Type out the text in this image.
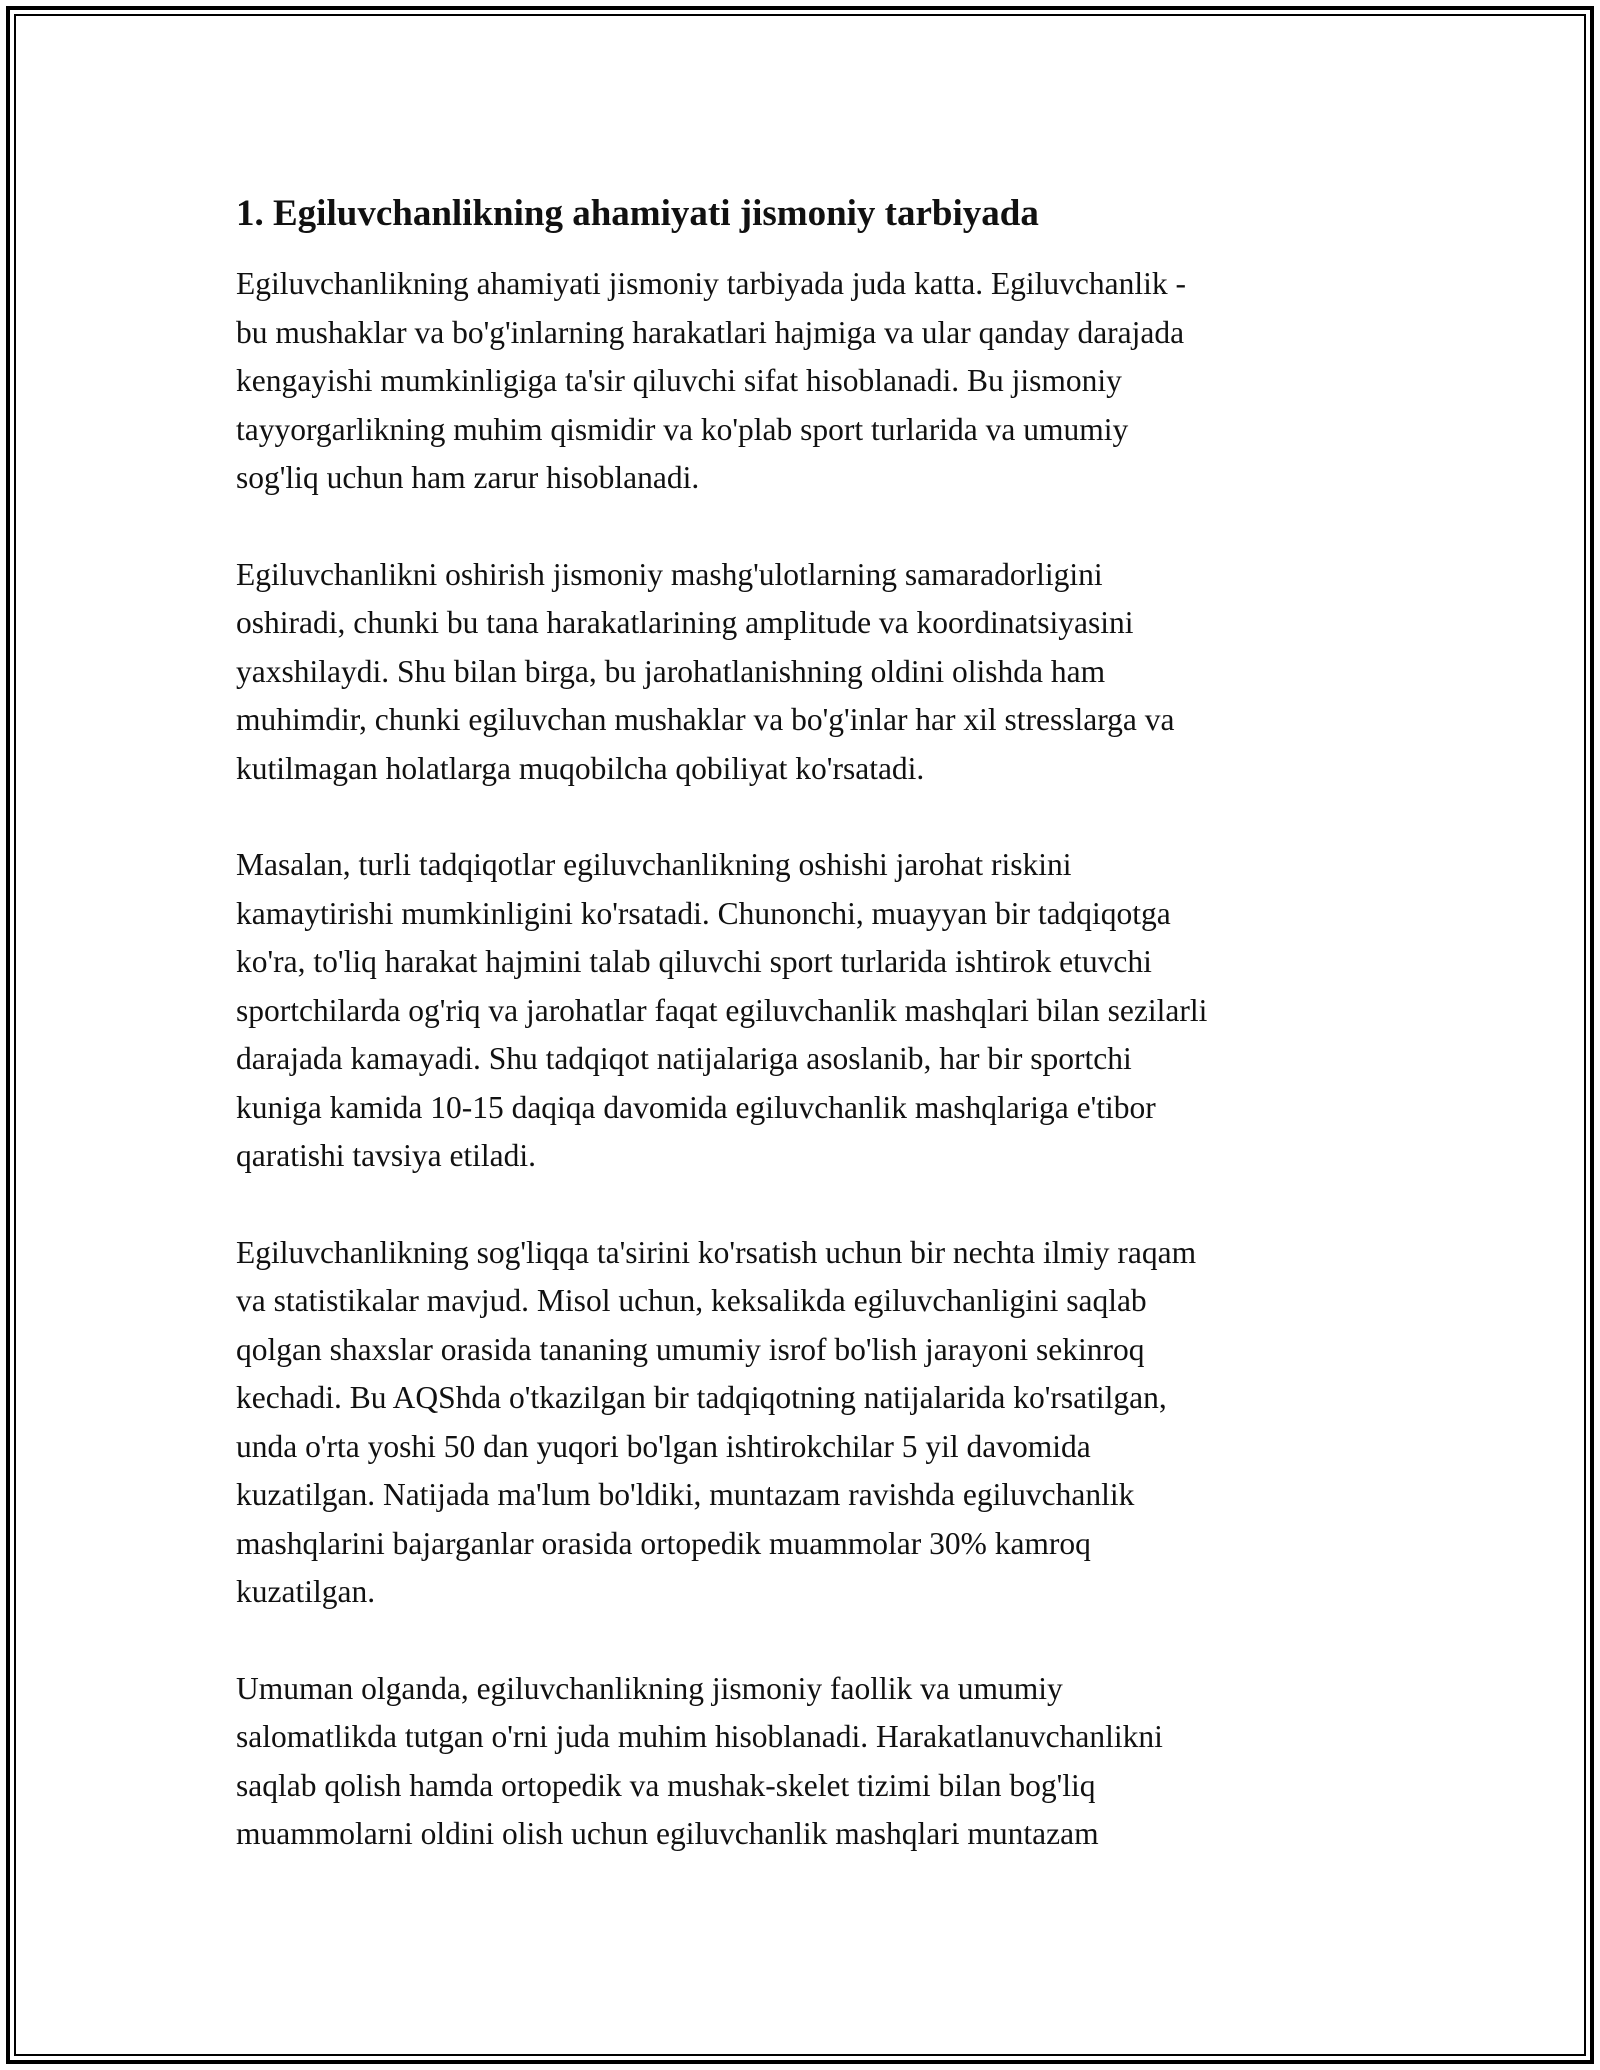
1. Egiluvchanlikning ahamiyati jismoniy tarbiyada
Egiluvchanlikning ahamiyati jismoniy tarbiyada juda katta. Egiluvchanlik -
bu mushaklar va bo'g'inlarning harakatlari hajmiga va ular qanday darajada
kengayishi mumkinligiga ta'sir qiluvchi sifat hisoblanadi. Bu jismoniy
tayyorgarlikning muhim qismidir va ko'plab sport turlarida va umumiy
sog'liq uchun ham zarur hisoblanadi.
Egiluvchanlikni oshirish jismoniy mashg'ulotlarning samaradorligini
oshiradi, chunki bu tana harakatlarining amplitude va koordinatsiyasini
yaxshilaydi. Shu bilan birga, bu jarohatlanishning oldini olishda ham
muhimdir, chunki egiluvchan mushaklar va bo'g'inlar har xil stresslarga va
kutilmagan holatlarga muqobilcha qobiliyat ko'rsatadi.
Masalan, turli tadqiqotlar egiluvchanlikning oshishi jarohat riskini
kamaytirishi mumkinligini ko'rsatadi. Chunonchi, muayyan bir tadqiqotga
ko'ra, to'liq harakat hajmini talab qiluvchi sport turlarida ishtirok etuvchi
sportchilarda og'riq va jarohatlar faqat egiluvchanlik mashqlari bilan sezilarli
darajada kamayadi. Shu tadqiqot natijalariga asoslanib, har bir sportchi
kuniga kamida 10-15 daqiqa davomida egiluvchanlik mashqlariga e'tibor
qaratishi tavsiya etiladi.
Egiluvchanlikning sog'liqqa ta'sirini ko'rsatish uchun bir nechta ilmiy raqam
va statistikalar mavjud. Misol uchun, keksalikda egiluvchanligini saqlab
qolgan shaxslar orasida tananing umumiy isrof bo'lish jarayoni sekinroq
kechadi. Bu AQShda o'tkazilgan bir tadqiqotning natijalarida ko'rsatilgan,
unda o'rta yoshi 50 dan yuqori bo'lgan ishtirokchilar 5 yil davomida
kuzatilgan. Natijada ma'lum bo'ldiki, muntazam ravishda egiluvchanlik
mashqlarini bajarganlar orasida ortopedik muammolar 30% kamroq
kuzatilgan.
Umuman olganda, egiluvchanlikning jismoniy faollik va umumiy
salomatlikda tutgan o'rni juda muhim hisoblanadi. Harakatlanuvchanlikni
saqlab qolish hamda ortopedik va mushak-skelet tizimi bilan bog'liq
muammolarni oldini olish uchun egiluvchanlik mashqlari muntazam
